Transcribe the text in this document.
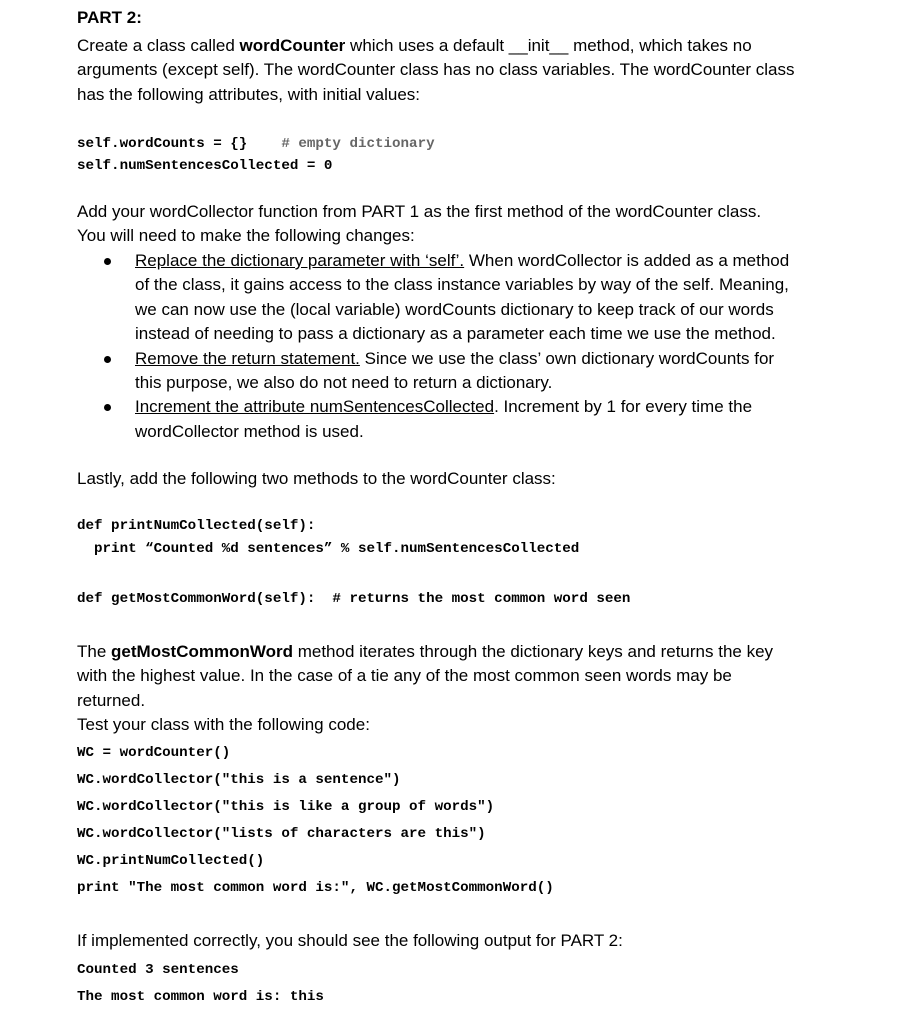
PART 2:
Create a class called wordCounter which uses a default __init__ method, which takes no
arguments (except self). The wordCounter class has no class variables. The wordCounter class
has the following attributes, with initial values:
self.wordCounts = {}    # empty dictionary
self.numSentencesCollected = 0
Add your wordCollector function from PART 1 as the first method of the wordCounter class.
You will need to make the following changes:
Replace the dictionary parameter with ‘self’. When wordCollector is added as a method
of the class, it gains access to the class instance variables by way of the self. Meaning,
we can now use the (local variable) wordCounts dictionary to keep track of our words
instead of needing to pass a dictionary as a parameter each time we use the method.
Remove the return statement. Since we use the class’ own dictionary wordCounts for
this purpose, we also do not need to return a dictionary.
Increment the attribute numSentencesCollected. Increment by 1 for every time the
wordCollector method is used.
Lastly, add the following two methods to the wordCounter class:
def printNumCollected(self):
print “Counted %d sentences” % self.numSentencesCollected
def getMostCommonWord(self):  # returns the most common word seen
The getMostCommonWord method iterates through the dictionary keys and returns the key
with the highest value. In the case of a tie any of the most common seen words may be
returned.
Test your class with the following code:
WC = wordCounter()
WC.wordCollector("this is a sentence")
WC.wordCollector("this is like a group of words")
WC.wordCollector("lists of characters are this")
WC.printNumCollected()
print "The most common word is:", WC.getMostCommonWord()
If implemented correctly, you should see the following output for PART 2:
Counted 3 sentences
The most common word is: this
